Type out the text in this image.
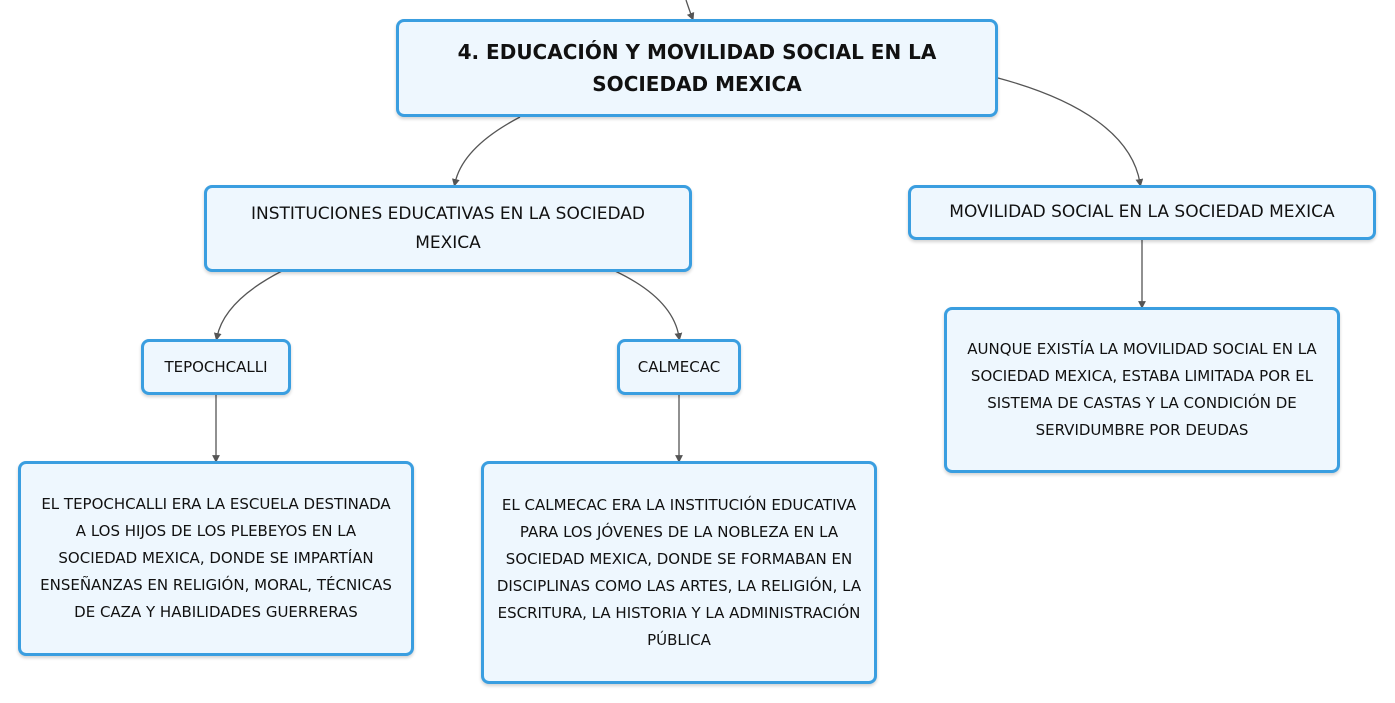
4. EDUCACIÓN Y MOVILIDAD SOCIAL EN LA SOCIEDAD MEXICA
INSTITUCIONES EDUCATIVAS EN LA SOCIEDAD MEXICA
MOVILIDAD SOCIAL EN LA SOCIEDAD MEXICA
TEPOCHCALLI	CALMECAC
EL TEPOCHCALLI ERA LA ESCUELA DESTINADA A LOS HIJOS DE LOS PLEBEYOS EN LA SOCIEDAD MEXICA, DONDE SE IMPARTÍAN ENSEÑANZAS EN RELIGIÓN, MORAL, TÉCNICAS DE CAZA Y HABILIDADES GUERRERAS
EL CALMECAC ERA LA INSTITUCIÓN EDUCATIVA PARA LOS JÓVENES DE LA NOBLEZA EN LA SOCIEDAD MEXICA, DONDE SE FORMABAN EN DISCIPLINAS COMO LAS ARTES, LA RELIGIÓN, LA ESCRITURA, LA HISTORIA Y LA ADMINISTRACIÓN PÚBLICA
AUNQUE EXISTÍA LA MOVILIDAD SOCIAL EN LA SOCIEDAD MEXICA, ESTABA LIMITADA POR EL SISTEMA DE CASTAS Y LA CONDICIÓN DE SERVIDUMBRE POR DEUDAS
